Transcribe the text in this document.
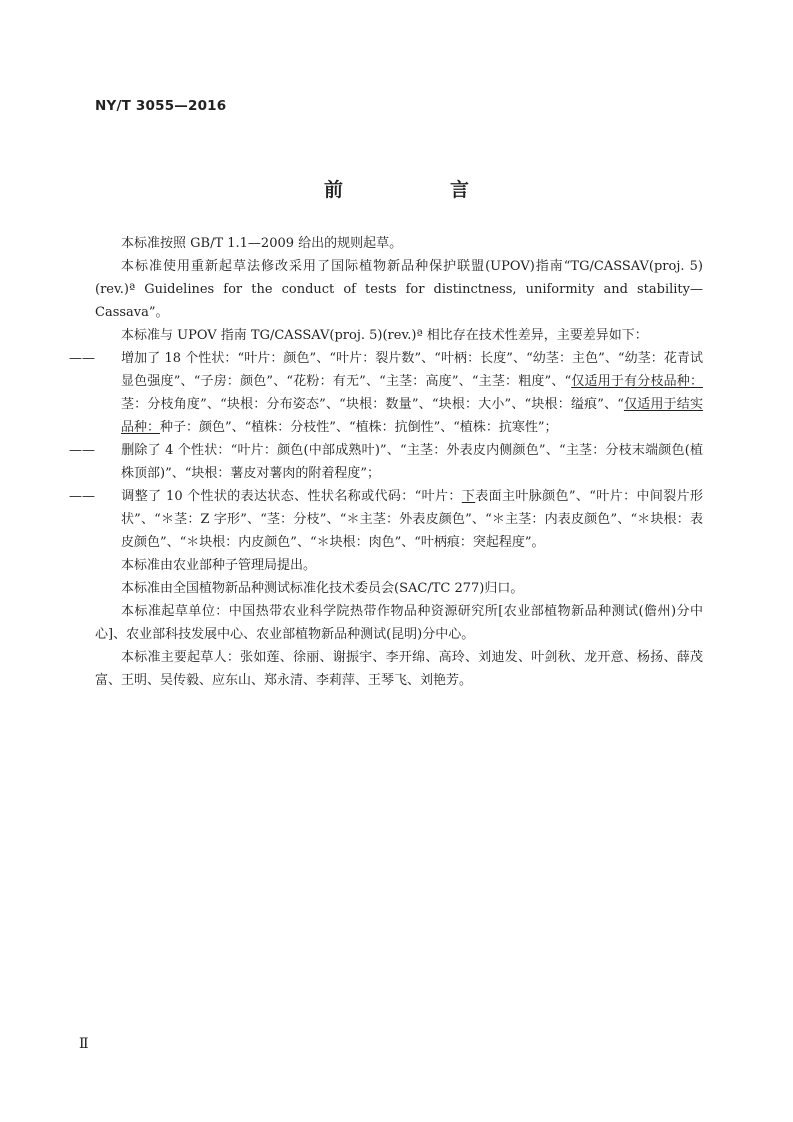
NY/T 3055—2016
前　言

本标准按照 GB/T 1.1—2009 给出的规则起草。

本标准使用重新起草法修改采用了国际植物新品种保护联盟(UPOV)指南“TG/CASSAV(proj. 5)(rev.)ª Guidelines for the conduct of tests for distinctness, uniformity and stability—Cassava”。

本标准与 UPOV 指南 TG/CASSAV(proj. 5)(rev.)ª 相比存在技术性差异，主要差异如下：

—— 增加了 18 个性状：“叶片：颜色”、“叶片：裂片数”、“叶柄：长度”、“幼茎：主色”、“幼茎：花青试显色强度”、“子房：颜色”、“花粉：有无”、“主茎：高度”、“主茎：粗度”、“仅适用于有分枝品种：茎：分枝角度”、“块根：分布姿态”、“块根：数量”、“块根：大小”、“块根：缢痕”、“仅适用于结实品种：种子：颜色”、“植株：分枝性”、“植株：抗倒性”、“植株：抗寒性”；

—— 删除了 4 个性状：“叶片：颜色(中部成熟叶)”、“主茎：外表皮内侧颜色”、“主茎：分枝末端颜色(植株顶部)”、“块根：薯皮对薯肉的附着程度”；

—— 调整了 10 个性状的表达状态、性状名称或代码：“叶片：下表面主叶脉颜色”、“叶片：中间裂片形状”、“＊茎：Z 字形”、“茎：分枝”、“＊主茎：外表皮颜色”、“＊主茎：内表皮颜色”、“＊块根：表皮颜色”、“＊块根：内皮颜色”、“＊块根：肉色”、“叶柄痕：突起程度”。

本标准由农业部种子管理局提出。

本标准由全国植物新品种测试标准化技术委员会(SAC/TC 277)归口。

本标准起草单位：中国热带农业科学院热带作物品种资源研究所[农业部植物新品种测试(儋州)分中心]、农业部科技发展中心、农业部植物新品种测试(昆明)分中心。

本标准主要起草人：张如莲、徐丽、谢振宇、李开绵、高玲、刘迪发、叶剑秋、龙开意、杨扬、薛茂富、王明、吴传毅、应东山、郑永清、李莉萍、王琴飞、刘艳芳。

Ⅱ
